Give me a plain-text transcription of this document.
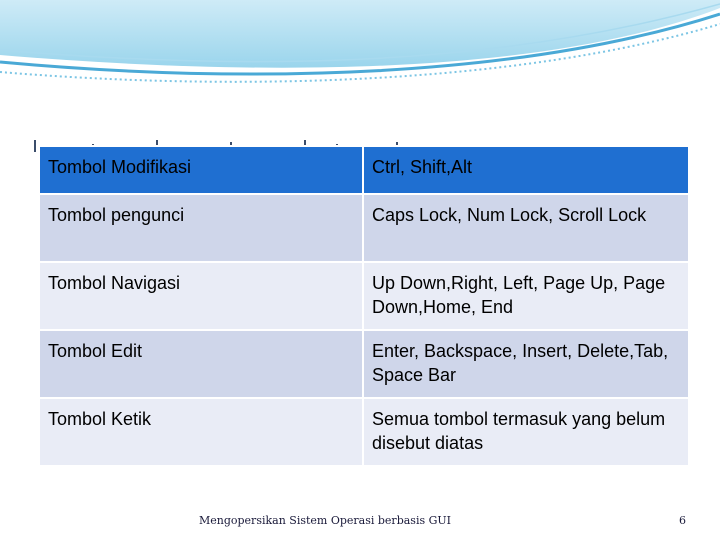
Tombol Modifikasi	Ctrl, Shift,Alt
Tombol pengunci	Caps Lock, Num Lock, Scroll Lock
Tombol Navigasi	Up Down,Right, Left, Page Up, Page Down,Home, End
Tombol Edit	Enter, Backspace, Insert, Delete,Tab, Space Bar
Tombol Ketik	Semua tombol termasuk yang belum disebut diatas
Mengopersikan Sistem Operasi berbasis GUI	6
